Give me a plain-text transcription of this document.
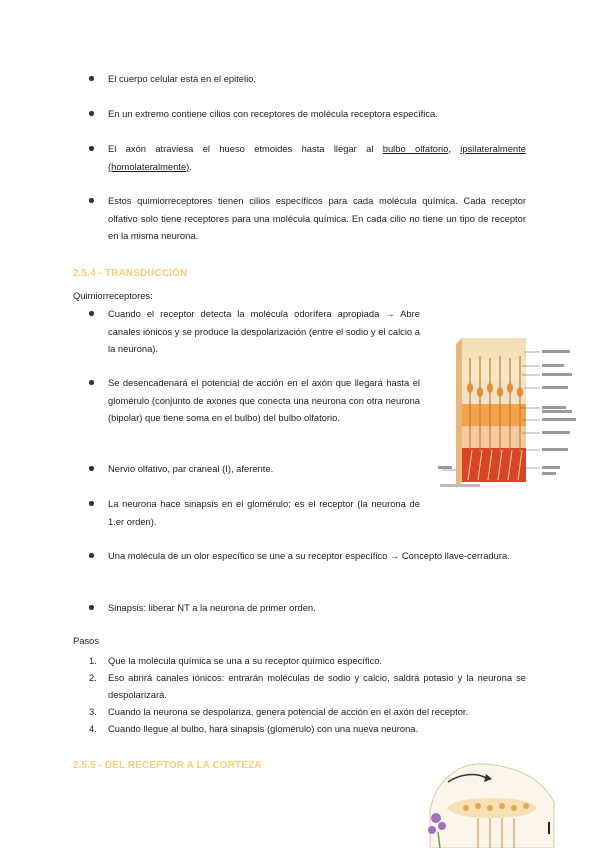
El cuerpo celular está en el epitelio.
En un extremo contiene cilios con receptores de molécula receptora específica.
El axón atraviesa el hueso etmoides hasta llegar al bulbo olfatorio, ipsilateralmente (homolateralmente).
Estos quimiorreceptores tienen cilios específicos para cada molécula química. Cada receptor olfativo solo tiene receptores para una molécula química. En cada cilio no tiene un tipo de receptor en la misma neurona.
2.5.4 - TRANSDUCCIÓN
Quimiorreceptores:
Cuando el receptor detecta la molécula odorífera apropiada → Abre canales iónicos y se produce la despolarización (entre el sodio y el calcio a la neurona).
Se desencadenará el potencial de acción en el axón que llegará hasta el glomérulo (conjunto de axones que conecta una neurona con otra neurona (bipolar) que tiene soma en el bulbo) del bulbo olfatorio.
Nervio olfativo, par craneal (I), aferente.
La neurona hace sinapsis en el glomérulo; es el receptor (la neurona de 1.er orden).
Una molécula de un olor específico se une a su receptor específico → Concepto llave-cerradura.
Sinapsis: liberar NT a la neurona de primer orden.
Pasos
1. Que la molécula química se una a su receptor químico específico.
2. Eso abrirá canales iónicos: entrarán moléculas de sodio y calcio, saldrá potasio y la neurona se despolarizará.
3. Cuando la neurona se despolariza, genera potencial de acción en el axón del receptor.
4. Cuando llegue al bulbo, hará sinapsis (glomérulo) con una nueva neurona.
2.5.5 - DEL RECEPTOR A LA CORTEZA
